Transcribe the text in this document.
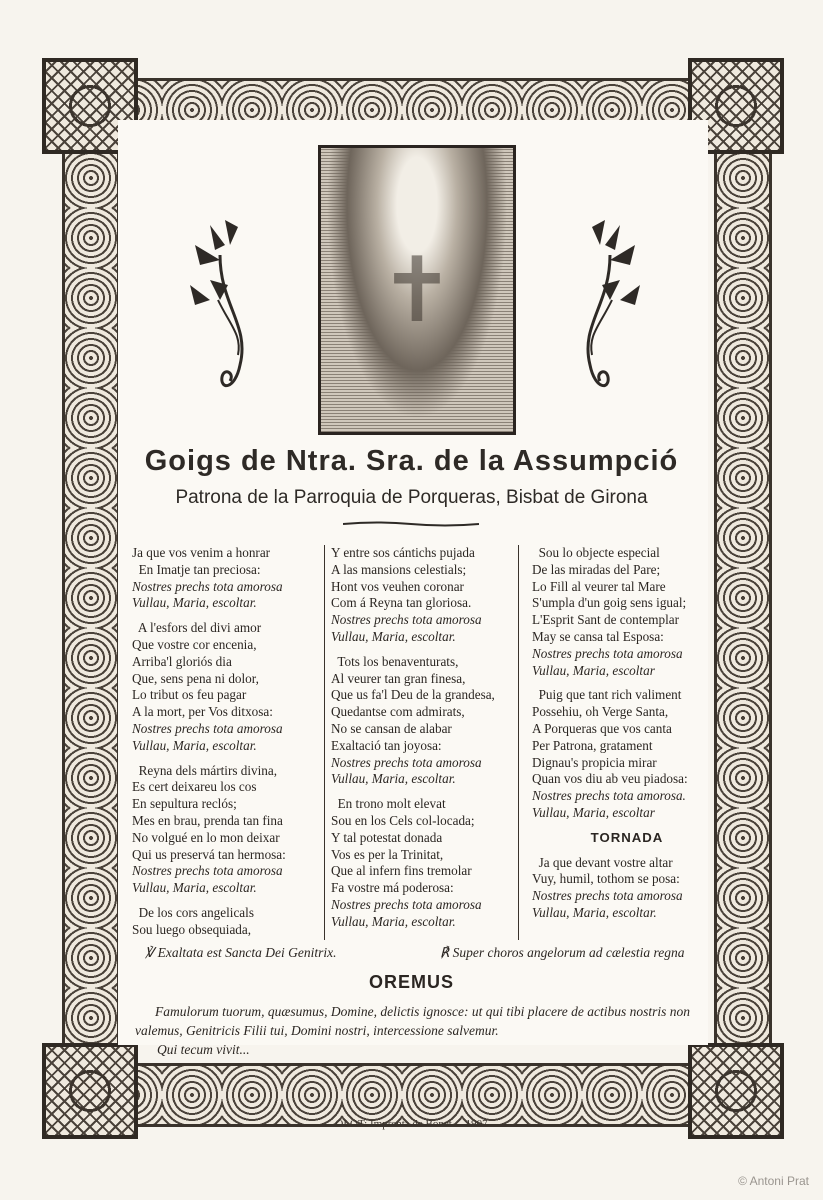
✝
Goigs de Ntra. Sra. de la Assumpció
Patrona de la Parroquia de Porqueras, Bisbat de Girona
Ja que vos venim a honrar
En Imatje tan preciosa:
Nostres prechs tota amorosa
Vullau, Maria, escoltar.
A l'esfors del divi amor
Que vostre cor encenia,
Arriba'l gloriós dia
Que, sens pena ni dolor,
Lo tribut os feu pagar
A la mort, per Vos ditxosa:
Nostres prechs tota amorosa
Vullau, Maria, escoltar.
Reyna dels mártirs divina,
Es cert deixareu los cos
En sepultura reclós;
Mes en brau, prenda tan fina
No volgué en lo mon deixar
Qui us preservá tan hermosa:
Nostres prechs tota amorosa
Vullau, Maria, escoltar.
De los cors angelicals
Sou luego obsequiada,
Y entre sos cántichs pujada
A las mansions celestials;
Hont vos veuhen coronar
Com á Reyna tan gloriosa.
Nostres prechs tota amorosa
Vullau, Maria, escoltar.
Tots los benaventurats,
Al veurer tan gran finesa,
Que us fa'l Deu de la grandesa,
Quedantse com admirats,
No se cansan de alabar
Exaltació tan joyosa:
Nostres prechs tota amorosa
Vullau, Maria, escoltar.
En trono molt elevat
Sou en los Cels col-locada;
Y tal potestat donada
Vos es per la Trinitat,
Que al infern fins tremolar
Fa vostre má poderosa:
Nostres prechs tota amorosa
Vullau, Maria, escoltar.
Sou lo objecte especial
De las miradas del Pare;
Lo Fill al veurer tal Mare
S'umpla d'un goig sens igual;
L'Esprit Sant de contemplar
May se cansa tal Esposa:
Nostres prechs tota amorosa
Vullau, Maria, escoltar
Puig que tant rich valiment
Possehiu, oh Verge Santa,
A Porqueras que vos canta
Per Patrona, gratament
Dignau's propicia mirar
Quan vos diu ab veu piadosa:
Nostres prechs tota amorosa.
Vullau, Maria, escoltar
TORNADA
Ja que devant vostre altar
Vuy, humil, tothom se posa:
Nostres prechs tota amorosa
Vullau, Maria, escoltar.
℣ Exaltata est Sancta Dei Genitrix.	℟ Super choros angelorum ad cælestia regna
OREMUS
Famulorum tuorum, quæsumus, Domine, delictis ignosce: ut qui tibi placere de actibus nostris non valemus, Genitricis Filii tui, Domini nostri, intercessione salvemur.
Qui tecum vivit...
OLOT: Imprenta de Bonet.—1907
© Antoni Prat
